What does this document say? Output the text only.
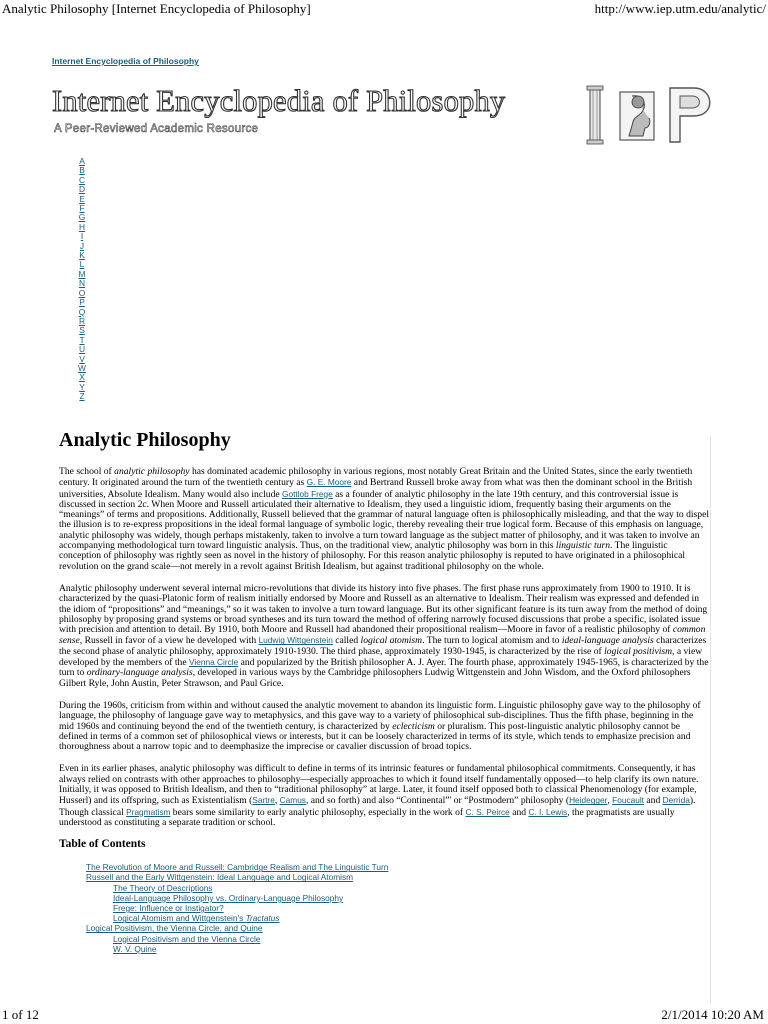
Analytic Philosophy [Internet Encyclopedia of Philosophy]	http://www.iep.utm.edu/analytic/
Internet Encyclopedia of Philosophy
Internet Encyclopedia of Philosophy
A Peer-Reviewed Academic Resource
A
B
C
D
E
F
G
H
I
J
K
L
M
N
O
P
Q
R
S
T
U
V
W
X
Y
Z
Analytic Philosophy

The school of analytic philosophy has dominated academic philosophy in various regions, most notably Great Britain and the United States, since the early twentieth century. It originated around the turn of the twentieth century as G. E. Moore and Bertrand Russell broke away from what was then the dominant school in the British universities, Absolute Idealism. Many would also include Gottlob Frege as a founder of analytic philosophy in the late 19th century, and this controversial issue is discussed in section 2c. When Moore and Russell articulated their alternative to Idealism, they used a linguistic idiom, frequently basing their arguments on the “meanings” of terms and propositions. Additionally, Russell believed that the grammar of natural language often is philosophically misleading, and that the way to dispel the illusion is to re-express propositions in the ideal formal language of symbolic logic, thereby revealing their true logical form. Because of this emphasis on language, analytic philosophy was widely, though perhaps mistakenly, taken to involve a turn toward language as the subject matter of philosophy, and it was taken to involve an accompanying methodological turn toward linguistic analysis. Thus, on the traditional view, analytic philosophy was born in this linguistic turn. The linguistic conception of philosophy was rightly seen as novel in the history of philosophy. For this reason analytic philosophy is reputed to have originated in a philosophical revolution on the grand scale—not merely in a revolt against British Idealism, but against traditional philosophy on the whole.

Analytic philosophy underwent several internal micro-revolutions that divide its history into five phases. The first phase runs approximately from 1900 to 1910. It is characterized by the quasi-Platonic form of realism initially endorsed by Moore and Russell as an alternative to Idealism. Their realism was expressed and defended in the idiom of “propositions” and “meanings,” so it was taken to involve a turn toward language. But its other significant feature is its turn away from the method of doing philosophy by proposing grand systems or broad syntheses and its turn toward the method of offering narrowly focused discussions that probe a specific, isolated issue with precision and attention to detail. By 1910, both Moore and Russell had abandoned their propositional realism—Moore in favor of a realistic philosophy of common sense, Russell in favor of a view he developed with Ludwig Wittgenstein called logical atomism. The turn to logical atomism and to ideal-language analysis characterizes the second phase of analytic philosophy, approximately 1910-1930. The third phase, approximately 1930-1945, is characterized by the rise of logical positivism, a view developed by the members of the Vienna Circle and popularized by the British philosopher A. J. Ayer. The fourth phase, approximately 1945-1965, is characterized by the turn to ordinary-language analysis, developed in various ways by the Cambridge philosophers Ludwig Wittgenstein and John Wisdom, and the Oxford philosophers Gilbert Ryle, John Austin, Peter Strawson, and Paul Grice.

During the 1960s, criticism from within and without caused the analytic movement to abandon its linguistic form. Linguistic philosophy gave way to the philosophy of language, the philosophy of language gave way to metaphysics, and this gave way to a variety of philosophical sub-disciplines. Thus the fifth phase, beginning in the mid 1960s and continuing beyond the end of the twentieth century, is characterized by eclecticism or pluralism. This post-linguistic analytic philosophy cannot be defined in terms of a common set of philosophical views or interests, but it can be loosely characterized in terms of its style, which tends to emphasize precision and thoroughness about a narrow topic and to deemphasize the imprecise or cavalier discussion of broad topics.

Even in its earlier phases, analytic philosophy was difficult to define in terms of its intrinsic features or fundamental philosophical commitments. Consequently, it has always relied on contrasts with other approaches to philosophy—especially approaches to which it found itself fundamentally opposed—to help clarify its own nature. Initially, it was opposed to British Idealism, and then to “traditional philosophy” at large. Later, it found itself opposed both to classical Phenomenology (for example, Husserl) and its offspring, such as Existentialism (Sartre, Camus, and so forth) and also “Continental”' or “Postmodern” philosophy (Heidegger, Foucault and Derrida). Though classical Pragmatism bears some similarity to early analytic philosophy, especially in the work of C. S. Peirce and C. I. Lewis, the pragmatists are usually understood as constituting a separate tradition or school.

Table of Contents
The Revolution of Moore and Russell: Cambridge Realism and The Linguistic Turn
Russell and the Early Wittgenstein: Ideal Language and Logical Atomism
The Theory of Descriptions
Ideal-Language Philosophy vs. Ordinary-Language Philosophy
Frege: Influence or Instigator?
Logical Atomism and Wittgenstein's Tractatus
Logical Positivism, the Vienna Circle, and Quine
Logical Positivism and the Vienna Circle
W. V. Quine
1 of 12	2/1/2014 10:20 AM
